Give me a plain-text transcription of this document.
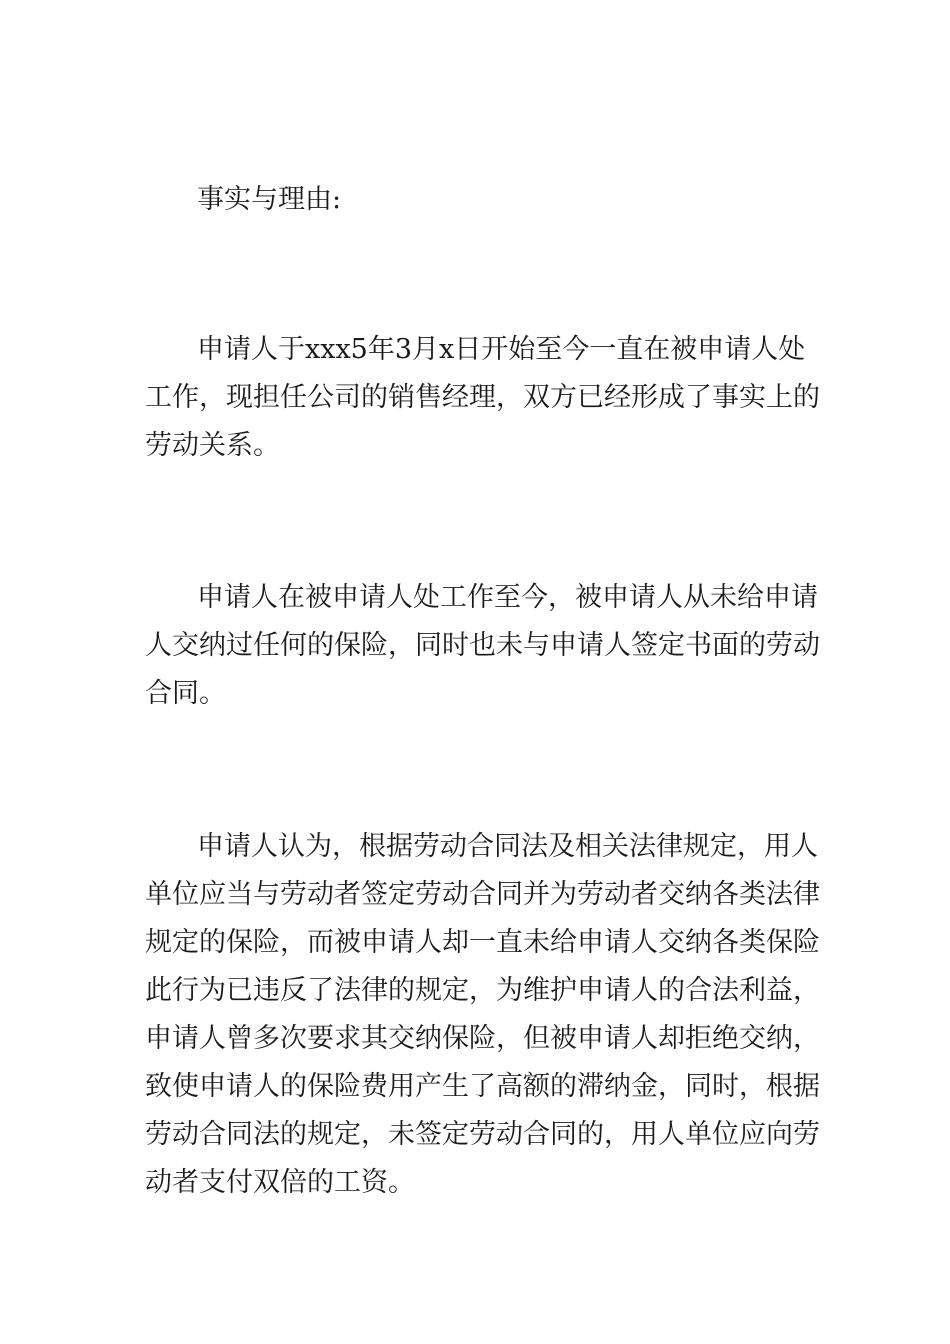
事实与理由:
申请人于xxx5年3月x日开始至今一直在被申请人处
工作，现担任公司的销售经理，双方已经形成了事实上的
劳动关系。
申请人在被申请人处工作至今，被申请人从未给申请
人交纳过任何的保险，同时也未与申请人签定书面的劳动
合同。
申请人认为，根据劳动合同法及相关法律规定，用人
单位应当与劳动者签定劳动合同并为劳动者交纳各类法律
规定的保险，而被申请人却一直未给申请人交纳各类保险
此行为已违反了法律的规定，为维护申请人的合法利益，
申请人曾多次要求其交纳保险，但被申请人却拒绝交纳，
致使申请人的保险费用产生了高额的滞纳金，同时，根据
劳动合同法的规定，未签定劳动合同的，用人单位应向劳
动者支付双倍的工资。
